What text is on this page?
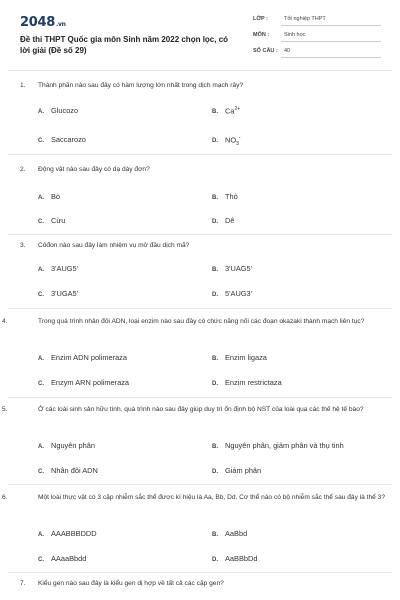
2048.vn
Đề thi THPT Quốc gia môn Sinh năm 2022 chọn lọc, có lời giải (Đề số 29)
LỚP :	Tốt nghiệp THPT
MÔN :	Sinh học
SỐ CÂU : 40
1. Thành phần nào sau đây có hàm lượng lớn nhất trong dịch mạch rây?
A. Glucozo	B. $Ca^{2+}$
C. Saccarozo	D. $NO_3^-$
2. Động vật nào sau đây có dạ dày đơn?
A. Bò	B. Thỏ
C. Cừu	D. Dê
3. Côđon nào sau đây làm nhiệm vụ mở đầu dịch mã?
A. 3'AUG5'	B. 3'UAG5'
C. 3'UGA5'	D. 5'AUG3'
4.	Trong quá trình nhân đôi ADN, loại enzim nào sau đây có chức năng nối các đoạn okazaki thành mạch liên tục?
A. Enzim ADN polimeraza	B. Enzim ligaza
C. Enzym ARN polimeraza	D. Enzim restrictaza
5.	Ở các loài sinh sản hữu tính, quá trình nào sau đây giúp duy trì ổn định bộ NST của loài qua các thế hệ tế bào?
A. Nguyên phân	B. Nguyên phân, giảm phân và thụ tinh
C. Nhân đôi ADN	D. Giảm phân
6.	Một loài thực vật có 3 cặp nhiễm sắc thể được kí hiệu là Aa, Bb, Dd. Cơ thể nào có bộ nhiễm sắc thể sau đây là thể 3?
A. AAABBBDDD	B. AaBbd
C. AAaaBbdd	D. AaBBbDd
7. Kiểu gen nào sau đây là kiểu gen dị hợp về tất cả các cặp gen?
